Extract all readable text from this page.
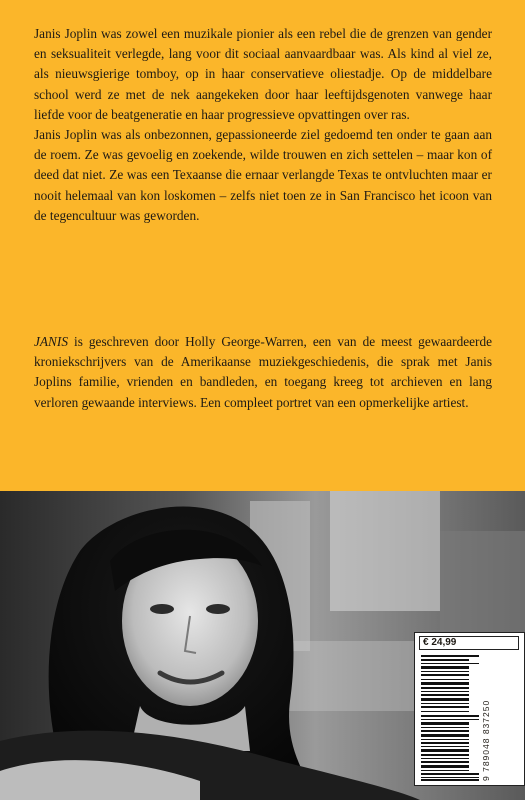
Janis Joplin was zowel een muzikale pionier als een rebel die de grenzen van gender en seksualiteit verlegde, lang voor dit sociaal aanvaardbaar was. Als kind al viel ze, als nieuwsgierige tomboy, op in haar conservatieve oliestadje. Op de middelbare school werd ze met de nek aangekeken door haar leeftijdsgenoten vanwege haar liefde voor de beatgeneratie en haar progressieve opvattingen over ras.

Janis Joplin was als onbezonnen, gepassioneerde ziel gedoemd ten onder te gaan aan de roem. Ze was gevoelig en zoekende, wilde trouwen en zich settelen – maar kon of deed dat niet. Ze was een Texaanse die ernaar verlangde Texas te ontvluchten maar er nooit helemaal van kon loskomen – zelfs niet toen ze in San Francisco het icoon van de tegencultuur was geworden.

JANIS is geschreven door Holly George-Warren, een van de meest gewaardeerde kroniekschrijvers van de Amerikaanse muziekgeschiedenis, die sprak met Janis Joplins familie, vrienden en bandleden, en toegang kreeg tot archieven en lang verloren gewaande interviews. Een compleet portret van een opmerkelijke artiest.

€ 24,99
9 789048 837250
